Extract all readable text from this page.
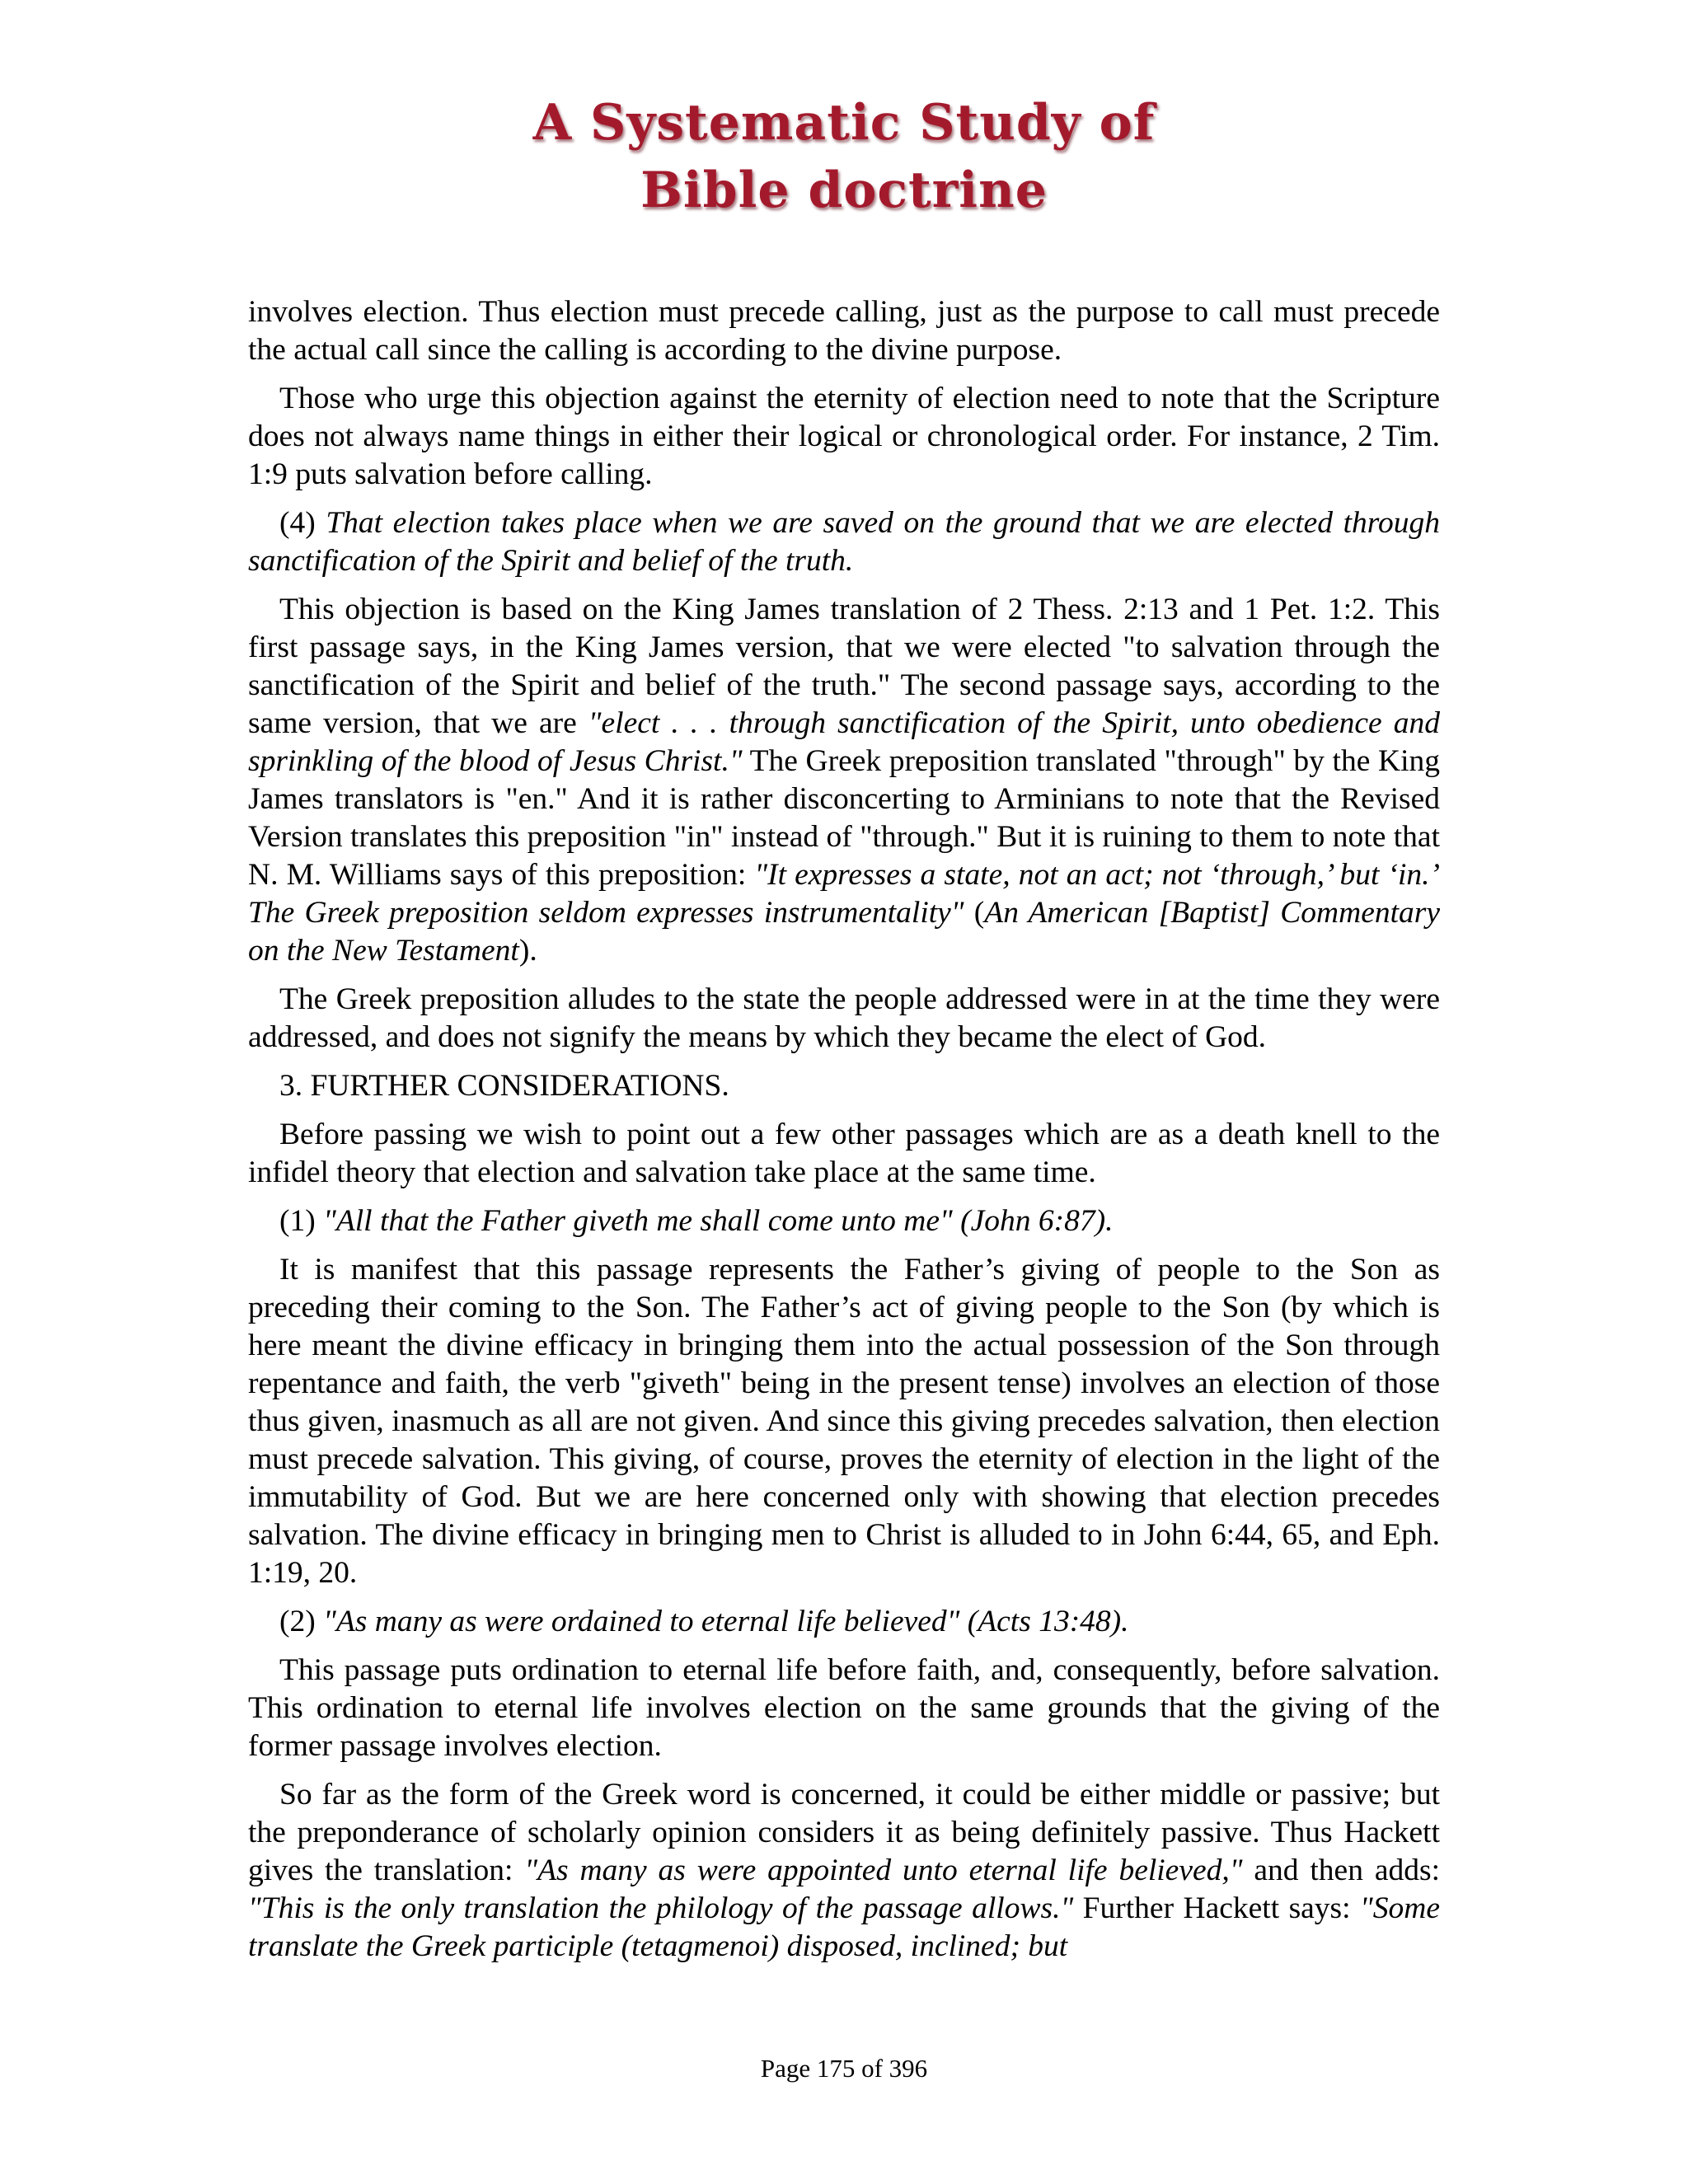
A Systematic Study of
Bible doctrine

involves election. Thus election must precede calling, just as the purpose to call must precede the actual call since the calling is according to the divine purpose.

Those who urge this objection against the eternity of election need to note that the Scripture does not always name things in either their logical or chronological order. For instance, 2 Tim. 1:9 puts salvation before calling.

(4) That election takes place when we are saved on the ground that we are elected through sanctification of the Spirit and belief of the truth.

This objection is based on the King James translation of 2 Thess. 2:13 and 1 Pet. 1:2. This first passage says, in the King James version, that we were elected "to salvation through the sanctification of the Spirit and belief of the truth." The second passage says, according to the same version, that we are "elect . . . through sanctification of the Spirit, unto obedience and sprinkling of the blood of Jesus Christ." The Greek preposition translated "through" by the King James translators is "en." And it is rather disconcerting to Arminians to note that the Revised Version translates this preposition "in" instead of "through." But it is ruining to them to note that N. M. Williams says of this preposition: "It expresses a state, not an act; not ‘through,’ but ‘in.’ The Greek preposition seldom expresses instrumentality" (An American [Baptist] Commentary on the New Testament).

The Greek preposition alludes to the state the people addressed were in at the time they were addressed, and does not signify the means by which they became the elect of God.

3. FURTHER CONSIDERATIONS.

Before passing we wish to point out a few other passages which are as a death knell to the infidel theory that election and salvation take place at the same time.

(1) "All that the Father giveth me shall come unto me" (John 6:87).

It is manifest that this passage represents the Father’s giving of people to the Son as preceding their coming to the Son. The Father’s act of giving people to the Son (by which is here meant the divine efficacy in bringing them into the actual possession of the Son through repentance and faith, the verb "giveth" being in the present tense) involves an election of those thus given, inasmuch as all are not given. And since this giving precedes salvation, then election must precede salvation. This giving, of course, proves the eternity of election in the light of the immutability of God. But we are here concerned only with showing that election precedes salvation. The divine efficacy in bringing men to Christ is alluded to in John 6:44, 65, and Eph. 1:19, 20.

(2) "As many as were ordained to eternal life believed" (Acts 13:48).

This passage puts ordination to eternal life before faith, and, consequently, before salvation. This ordination to eternal life involves election on the same grounds that the giving of the former passage involves election.

So far as the form of the Greek word is concerned, it could be either middle or passive; but the preponderance of scholarly opinion considers it as being definitely passive. Thus Hackett gives the translation: "As many as were appointed unto eternal life believed," and then adds: "This is the only translation the philology of the passage allows." Further Hackett says: "Some translate the Greek participle (tetagmenoi) disposed, inclined; but

Page 175 of 396
